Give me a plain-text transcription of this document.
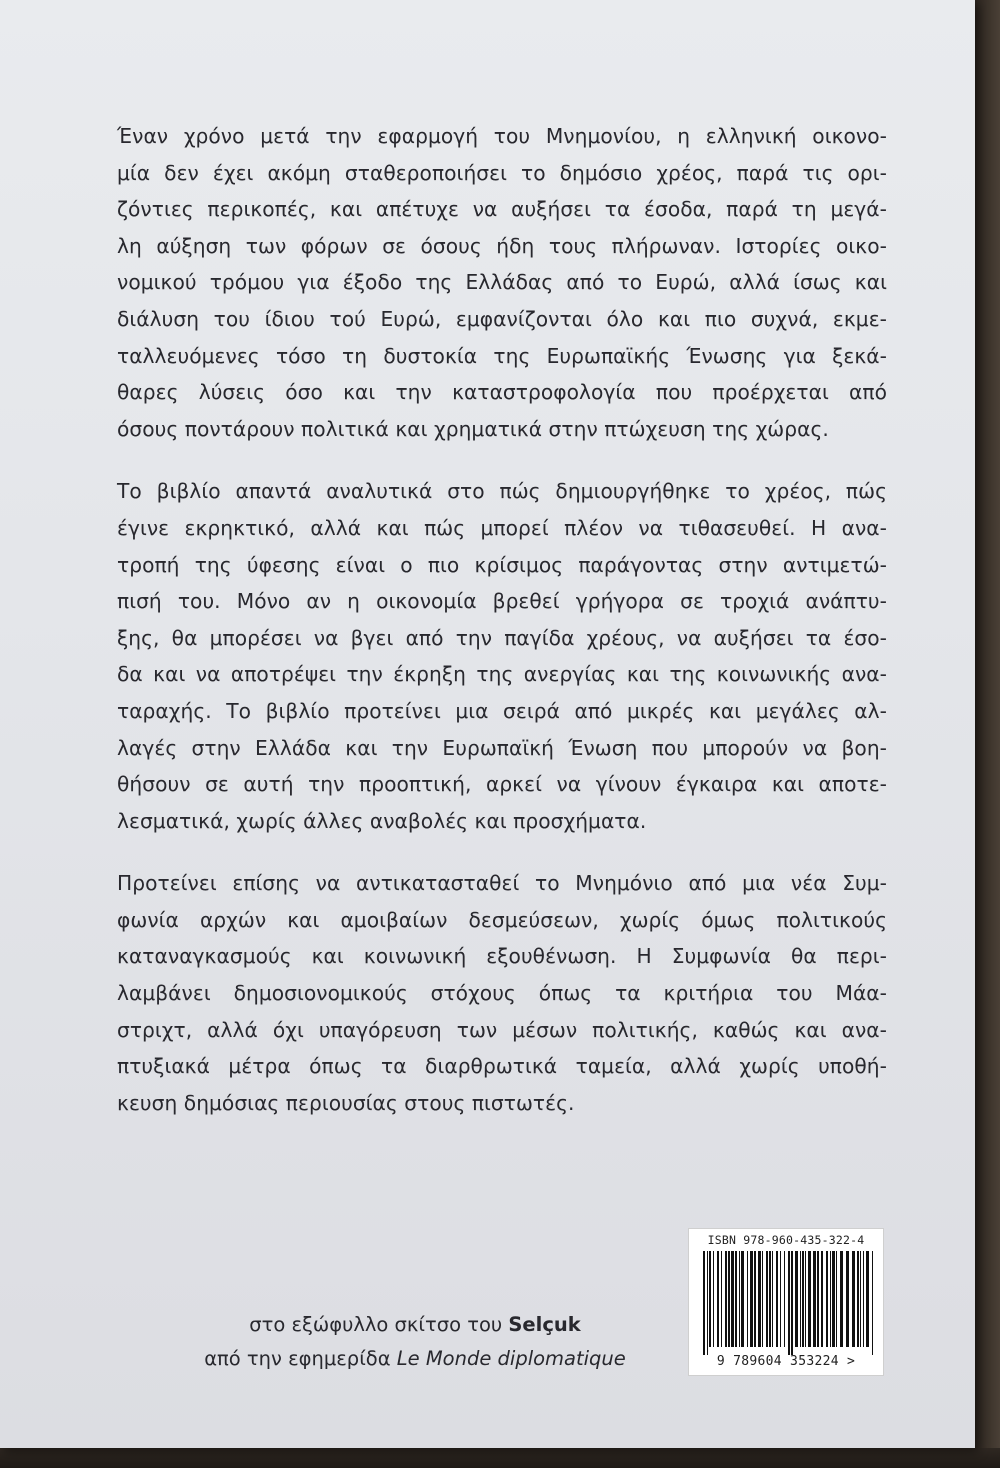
Έναν χρόνο μετά την εφαρμογή του Μνημονίου, η ελληνική οικονο-
μία δεν έχει ακόμη σταθεροποιήσει το δημόσιο χρέος, παρά τις ορι-
ζόντιες περικοπές, και απέτυχε να αυξήσει τα έσοδα, παρά τη μεγά-
λη αύξηση των φόρων σε όσους ήδη τους πλήρωναν. Ιστορίες οικο-
νομικού τρόμου για έξοδο της Ελλάδας από το Ευρώ, αλλά ίσως και
διάλυση του ίδιου τού Ευρώ, εμφανίζονται όλο και πιο συχνά, εκμε-
ταλλευόμενες τόσο τη δυστοκία της Ευρωπαϊκής Ένωσης για ξεκά-
θαρες λύσεις όσο και την καταστροφολογία που προέρχεται από
όσους ποντάρουν πολιτικά και χρηματικά στην πτώχευση της χώρας.
Το βιβλίο απαντά αναλυτικά στο πώς δημιουργήθηκε το χρέος, πώς
έγινε εκρηκτικό, αλλά και πώς μπορεί πλέον να τιθασευθεί. Η ανα-
τροπή της ύφεσης είναι ο πιο κρίσιμος παράγοντας στην αντιμετώ-
πισή του. Μόνο αν η οικονομία βρεθεί γρήγορα σε τροχιά ανάπτυ-
ξης, θα μπορέσει να βγει από την παγίδα χρέους, να αυξήσει τα έσο-
δα και να αποτρέψει την έκρηξη της ανεργίας και της κοινωνικής ανα-
ταραχής. Το βιβλίο προτείνει μια σειρά από μικρές και μεγάλες αλ-
λαγές στην Ελλάδα και την Ευρωπαϊκή Ένωση που μπορούν να βοη-
θήσουν σε αυτή την προοπτική, αρκεί να γίνουν έγκαιρα και αποτε-
λεσματικά, χωρίς άλλες αναβολές και προσχήματα.
Προτείνει επίσης να αντικατασταθεί το Μνημόνιο από μια νέα Συμ-
φωνία αρχών και αμοιβαίων δεσμεύσεων, χωρίς όμως πολιτικούς
καταναγκασμούς και κοινωνική εξουθένωση. Η Συμφωνία θα περι-
λαμβάνει δημοσιονομικούς στόχους όπως τα κριτήρια του Μάα-
στριχτ, αλλά όχι υπαγόρευση των μέσων πολιτικής, καθώς και ανα-
πτυξιακά μέτρα όπως τα διαρθρωτικά ταμεία, αλλά χωρίς υποθή-
κευση δημόσιας περιουσίας στους πιστωτές.
στο εξώφυλλο σκίτσο του Selçuk
από την εφημερίδα Le Monde diplomatique
ISBN 978-960-435-322-4
9 789604 353224 >
